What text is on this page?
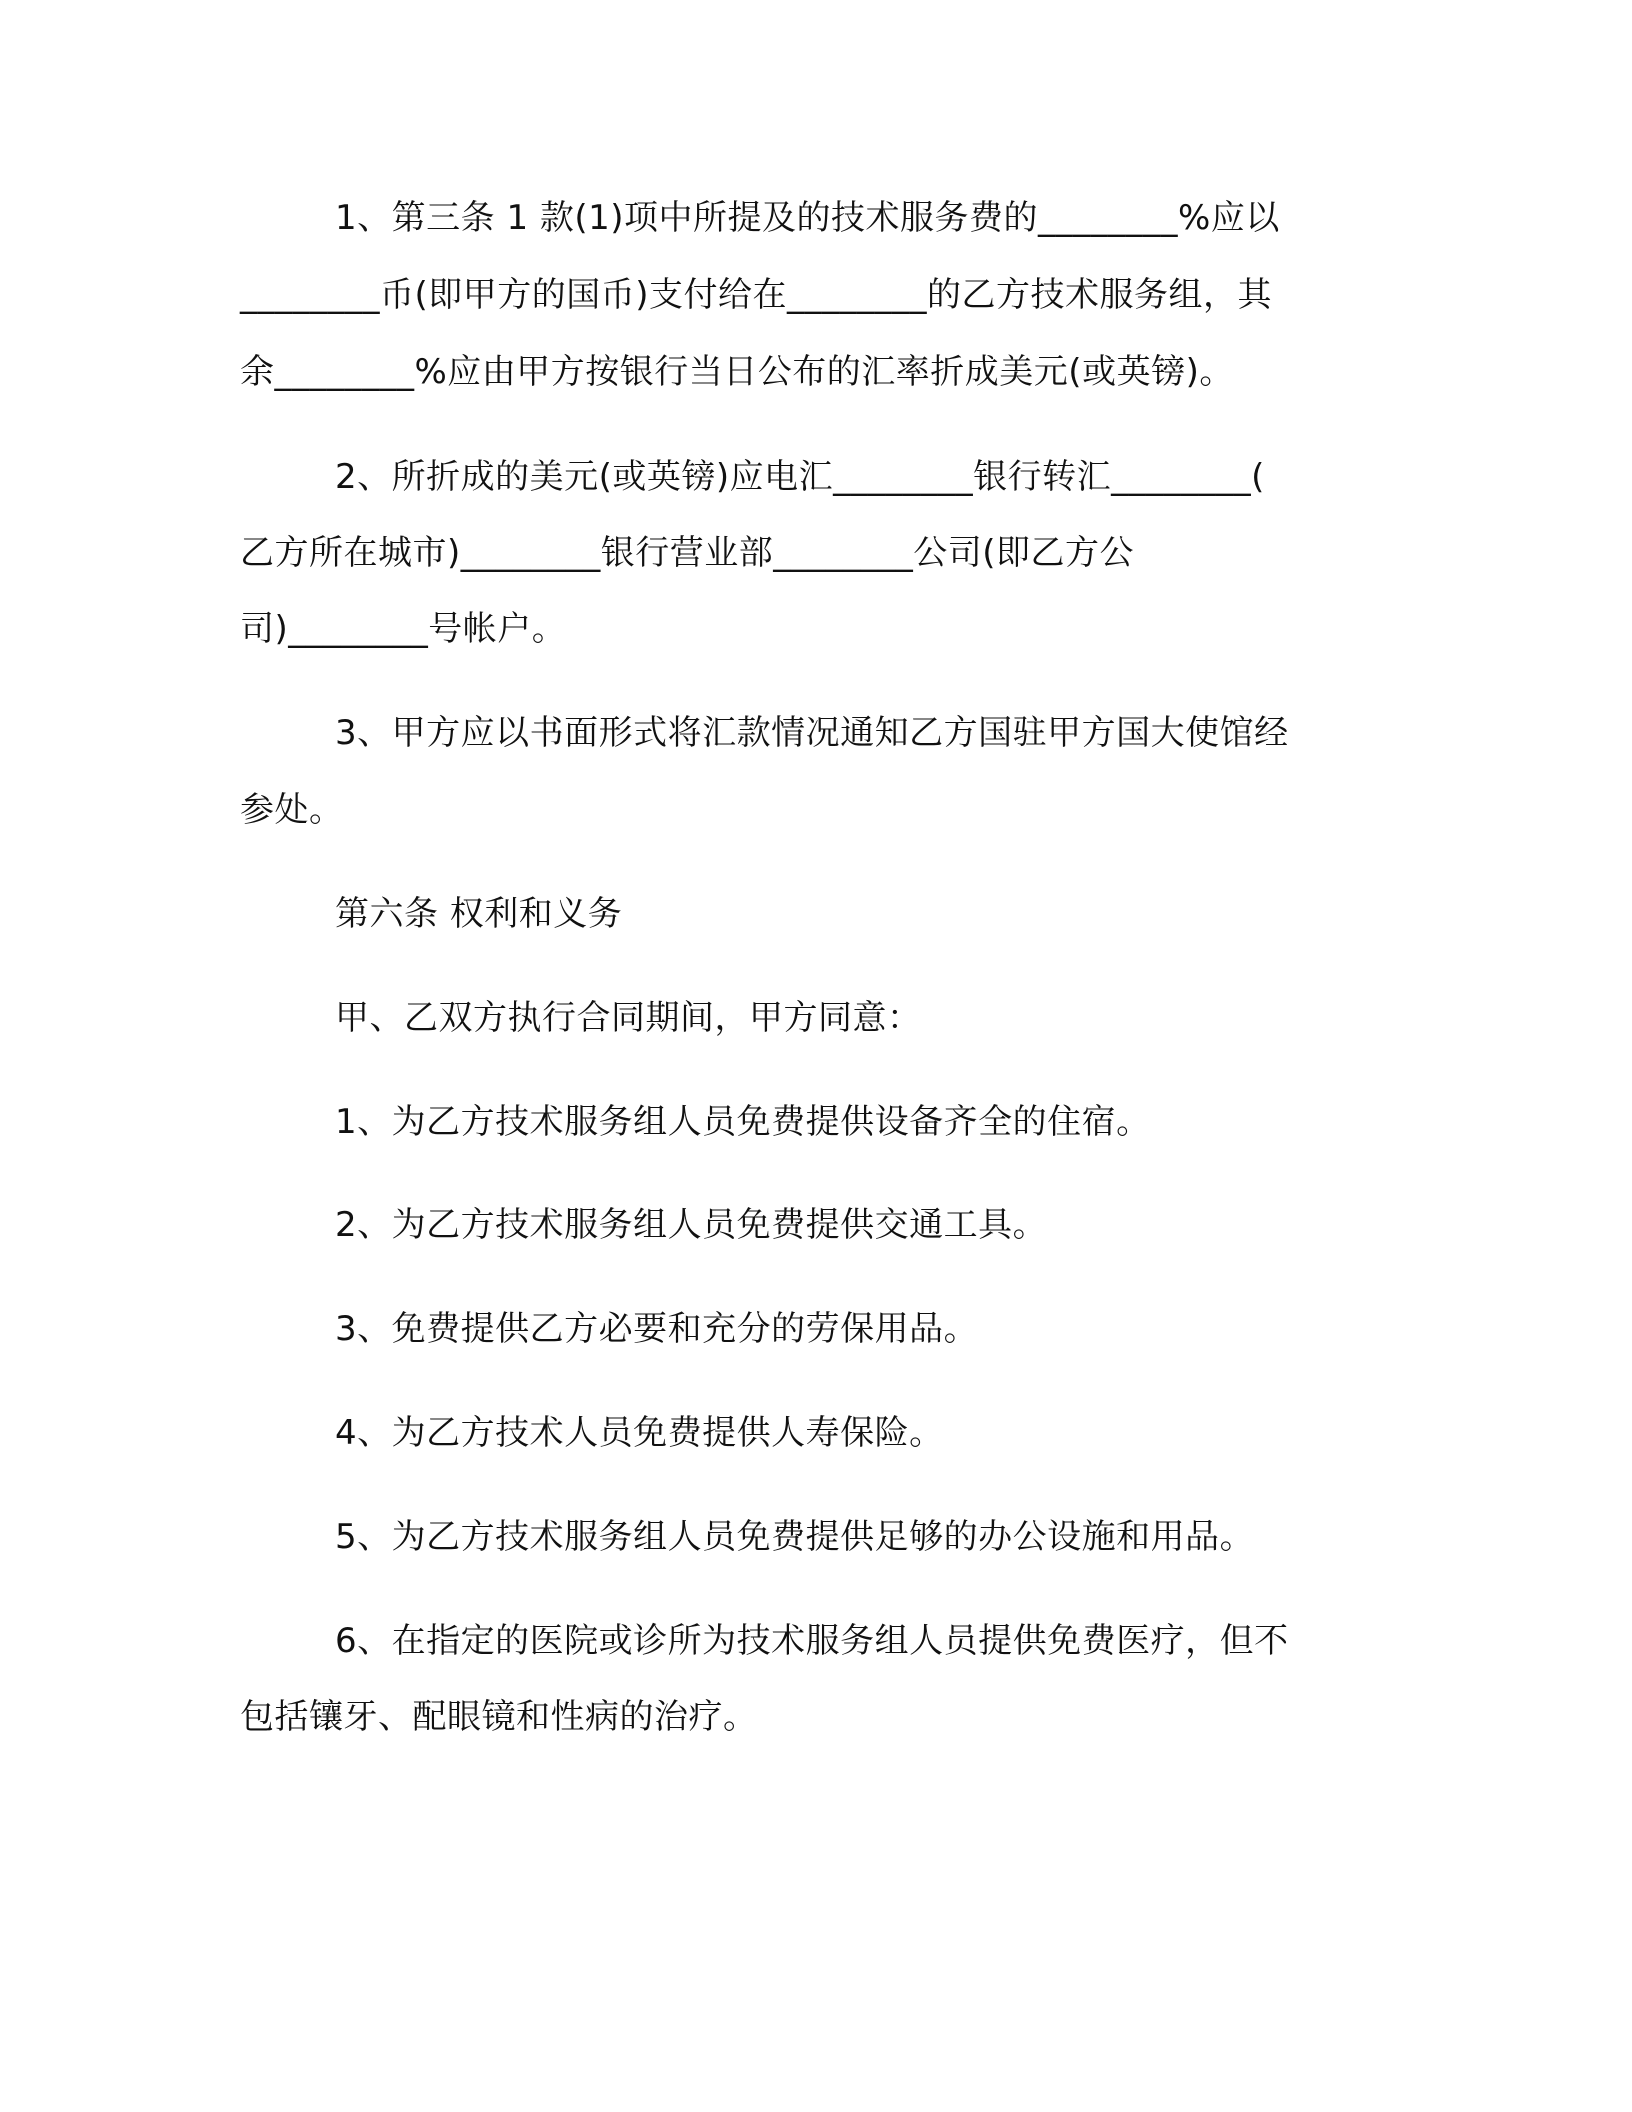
1、第三条 1 款(1)项中所提及的技术服务费的________%应以
________币(即甲方的国币)支付给在________的乙方技术服务组，其
余________%应由甲方按银行当日公布的汇率折成美元(或英镑)。
2、所折成的美元(或英镑)应电汇________银行转汇________(
乙方所在城市)________银行营业部________公司(即乙方公
司)________号帐户。
3、甲方应以书面形式将汇款情况通知乙方国驻甲方国大使馆经
参处。
第六条 权利和义务
甲、乙双方执行合同期间，甲方同意：
1、为乙方技术服务组人员免费提供设备齐全的住宿。
2、为乙方技术服务组人员免费提供交通工具。
3、免费提供乙方必要和充分的劳保用品。
4、为乙方技术人员免费提供人寿保险。
5、为乙方技术服务组人员免费提供足够的办公设施和用品。
6、在指定的医院或诊所为技术服务组人员提供免费医疗，但不
包括镶牙、配眼镜和性病的治疗。
